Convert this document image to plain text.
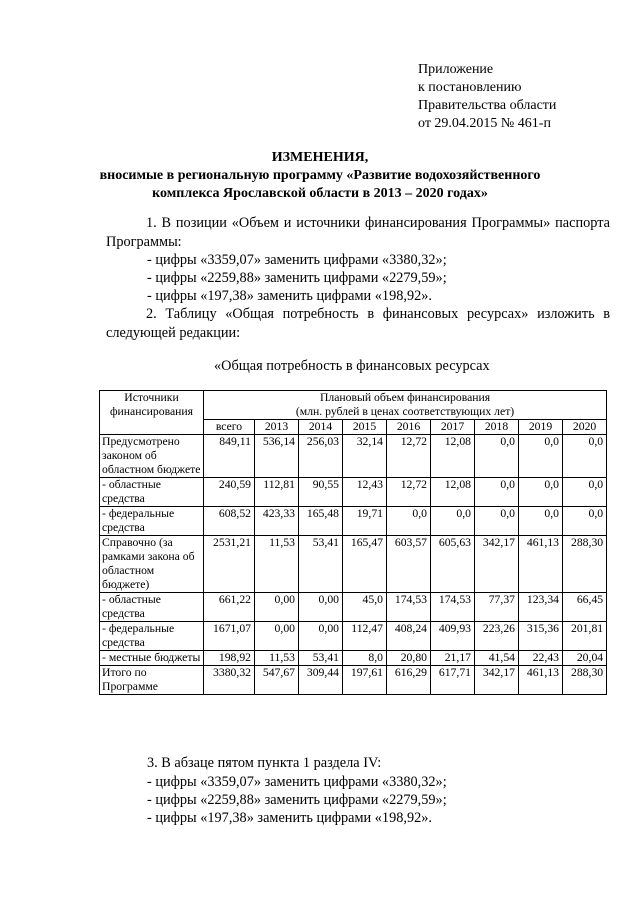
Приложение
к постановлению
Правительства области
от 29.04.2015 № 461-п
ИЗМЕНЕНИЯ,
вносимые в региональную программу «Развитие водохозяйственного
комплекса Ярославской области в 2013 – 2020 годах»
1. В позиции «Объем и источники финансирования Программы» паспорта Программы:
- цифры «3359,07» заменить цифрами «3380,32»;
- цифры «2259,88» заменить цифрами «2279,59»;
- цифры «197,38» заменить цифрами «198,92».
2. Таблицу «Общая потребность в финансовых ресурсах» изложить в следующей редакции:
«Общая потребность в финансовых ресурсах
Источники финансирования	Плановый объем финансирования
(млн. рублей в ценах соответствующих лет)								

	всего	2013	2014	2015	2016	2017	2018	2019	2020
Предусмотрено законом об областном бюджете	849,11	536,14	256,03	32,14	12,72	12,08	0,0	0,0	0,0
- областные средства	240,59	112,81	90,55	12,43	12,72	12,08	0,0	0,0	0,0
- федеральные средства	608,52	423,33	165,48	19,71	0,0	0,0	0,0	0,0	0,0
Справочно (за рамками закона об областном бюджете)	2531,21	11,53	53,41	165,47	603,57	605,63	342,17	461,13	288,30
- областные средства	661,22	0,00	0,00	45,0	174,53	174,53	77,37	123,34	66,45
- федеральные средства	1671,07	0,00	0,00	112,47	408,24	409,93	223,26	315,36	201,81
- местные бюджеты	198,92	11,53	53,41	8,0	20,80	21,17	41,54	22,43	20,04
Итого по Программе	3380,32	547,67	309,44	197,61	616,29	617,71	342,17	461,13	288,30
3. В абзаце пятом пункта 1 раздела IV:
- цифры «3359,07» заменить цифрами «3380,32»;
- цифры «2259,88» заменить цифрами «2279,59»;
- цифры «197,38» заменить цифрами «198,92».
